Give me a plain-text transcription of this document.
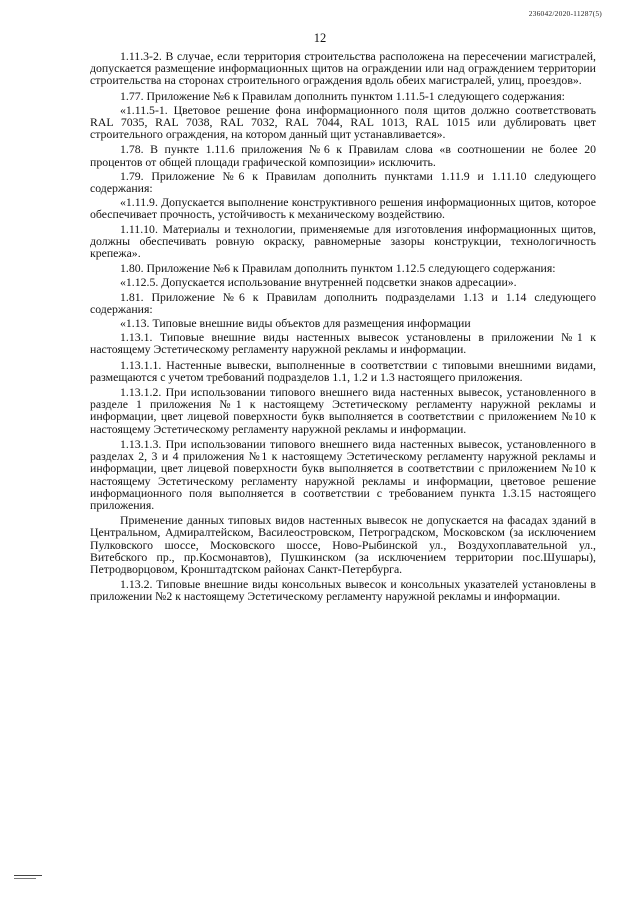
236042/2020-11287(5)
12

1.11.3-2. В случае, если территория строительства расположена на пересечении магистралей, допускается размещение информационных щитов на ограждении или над ограждением территории строительства на сторонах строительного ограждения вдоль обеих магистралей, улиц, проездов».

1.77. Приложение №6 к Правилам дополнить пунктом 1.11.5-1 следующего содержания:

«1.11.5-1. Цветовое решение фона информационного поля щитов должно соответствовать RAL 7035, RAL 7038, RAL 7032, RAL 7044, RAL 1013, RAL 1015 или дублировать цвет строительного ограждения, на котором данный щит устанавливается».

1.78. В пункте 1.11.6 приложения №6 к Правилам слова «в соотношении не более 20 процентов от общей площади графической композиции» исключить.

1.79. Приложение №6 к Правилам дополнить пунктами 1.11.9 и 1.11.10 следующего содержания:

«1.11.9. Допускается выполнение конструктивного решения информационных щитов, которое обеспечивает прочность, устойчивость к механическому воздействию.

1.11.10. Материалы и технологии, применяемые для изготовления информационных щитов, должны обеспечивать ровную окраску, равномерные зазоры конструкции, технологичность крепежа».

1.80. Приложение №6 к Правилам дополнить пунктом 1.12.5 следующего содержания:

«1.12.5. Допускается использование внутренней подсветки знаков адресации».

1.81. Приложение №6 к Правилам дополнить подразделами 1.13 и 1.14 следующего содержания:

«1.13. Типовые внешние виды объектов для размещения информации

1.13.1. Типовые внешние виды настенных вывесок установлены в приложении №1 к настоящему Эстетическому регламенту наружной рекламы и информации.

1.13.1.1. Настенные вывески, выполненные в соответствии с типовыми внешними видами, размещаются с учетом требований подразделов 1.1, 1.2 и 1.3 настоящего приложения.

1.13.1.2. При использовании типового внешнего вида настенных вывесок, установленного в разделе 1 приложения №1 к настоящему Эстетическому регламенту наружной рекламы и информации, цвет лицевой поверхности букв выполняется в соответствии с приложением №10 к настоящему Эстетическому регламенту наружной рекламы и информации.

1.13.1.3. При использовании типового внешнего вида настенных вывесок, установленного в разделах 2, 3 и 4 приложения №1 к настоящему Эстетическому регламенту наружной рекламы и информации, цвет лицевой поверхности букв выполняется в соответствии с приложением №10 к настоящему Эстетическому регламенту наружной рекламы и информации, цветовое решение информационного поля выполняется в соответствии с требованием пункта 1.3.15 настоящего приложения.

Применение данных типовых видов настенных вывесок не допускается на фасадах зданий в Центральном, Адмиралтейском, Василеостровском, Петроградском, Московском (за исключением Пулковского шоссе, Московского шоссе, Ново-Рыбинской ул., Воздухоплавательной ул., Витебского пр., пр.Космонавтов), Пушкинском (за исключением территории пос.Шушары), Петродворцовом, Кронштадтском районах Санкт-Петербурга.

1.13.2. Типовые внешние виды консольных вывесок и консольных указателей установлены в приложении №2 к настоящему Эстетическому регламенту наружной рекламы и информации.
